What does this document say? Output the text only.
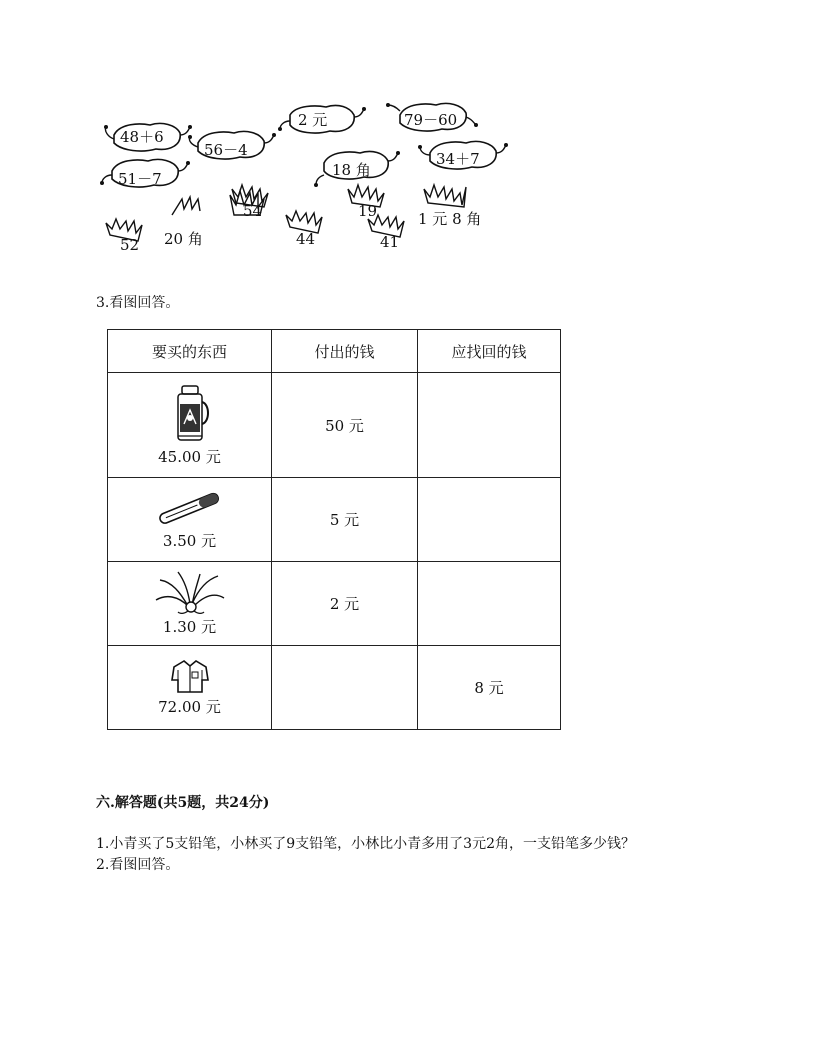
48＋6
56－4
51－7
2 元	79－60
18 角
34＋7
54	19
52	44	41
20 角
1 元 8 角
3.看图回答。
要买的东西	付出的钱	应找回的钱

45.00 元	50 元	

3.50 元	5 元	

1.30 元	2 元	

72.00 元		8 元
六.解答题(共5题，共24分)
1.小青买了5支铅笔，小林买了9支铅笔，小林比小青多用了3元2角，一支铅笔多少钱？
2.看图回答。
